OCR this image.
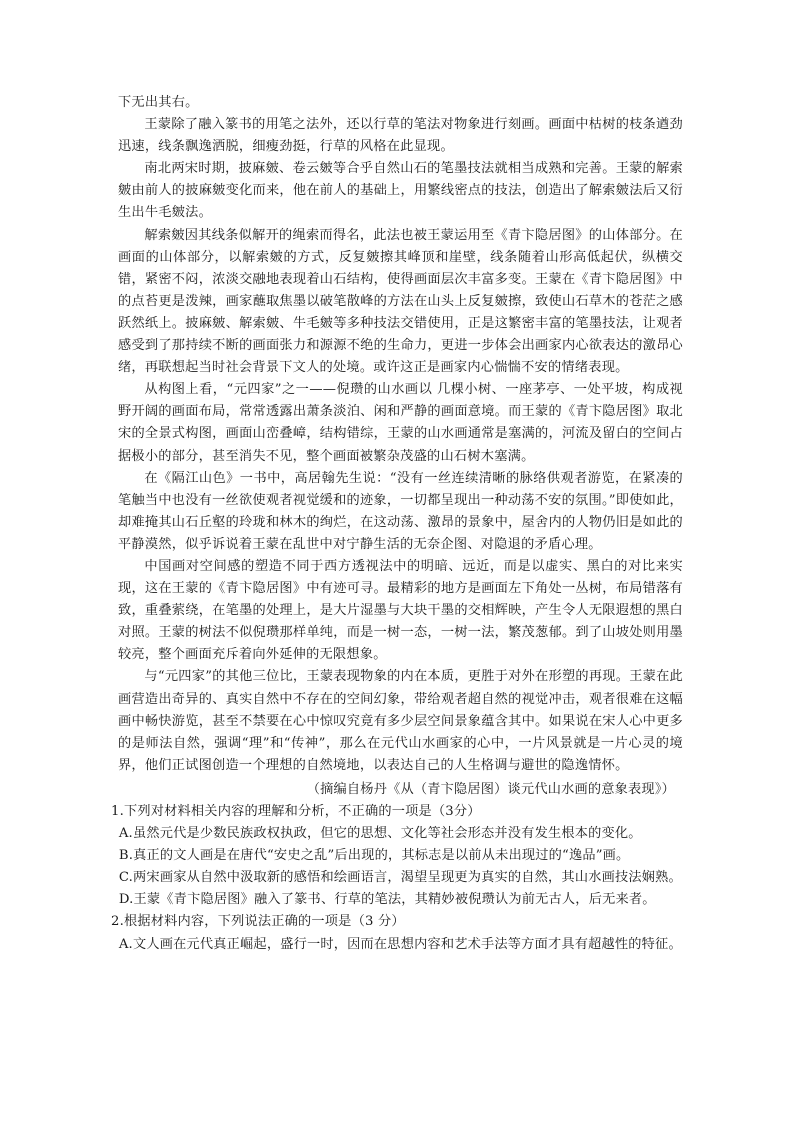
下无出其右。

王蒙除了融入篆书的用笔之法外，还以行草的笔法对物象进行刻画。画面中枯树的枝条遒劲迅速，线条飘逸洒脱，细瘦劲挺，行草的风格在此显现。

南北两宋时期，披麻皴、卷云皴等合乎自然山石的笔墨技法就相当成熟和完善。王蒙的解索皴由前人的披麻皴变化而来，他在前人的基础上，用繁线密点的技法，创造出了解索皴法后又衍生出牛毛皴法。

解索皴因其线条似解开的绳索而得名，此法也被王蒙运用至《青卞隐居图》的山体部分。在画面的山体部分，以解索皴的方式，反复皴擦其峰顶和崖壁，线条随着山形高低起伏，纵横交错，紧密不闷，浓淡交融地表现着山石结构，使得画面层次丰富多变。王蒙在《青卞隐居图》中的点苔更是泼辣，画家蘸取焦墨以破笔散峰的方法在山头上反复皴擦，致使山石草木的苍茫之感跃然纸上。披麻皴、解索皴、牛毛皴等多种技法交错使用，正是这繁密丰富的笔墨技法，让观者感受到了那持续不断的画面张力和源源不绝的生命力，更进一步体会出画家内心欲表达的激昂心绪，再联想起当时社会背景下文人的处境。或许这正是画家内心惴惴不安的情绪表现。

从构图上看，“元四家”之一——倪瓒的山水画以 几棵小树、一座茅亭、一处平坡，构成视野开阔的画面布局，常常透露出萧条淡泊、闲和严静的画面意境。而王蒙的《青卞隐居图》取北宋的全景式构图，画面山峦叠嶂，结构错综，王蒙的山水画通常是塞满的，河流及留白的空间占据极小的部分，甚至消失不见，整个画面被繁杂茂盛的山石树木塞满。

在《隔江山色》一书中，高居翰先生说：“没有一丝连续清晰的脉络供观者游览，在紧凑的笔触当中也没有一丝欲使观者视觉缓和的迹象，一切都呈现出一种动荡不安的氛围。”即使如此，却难掩其山石丘壑的玲珑和林木的绚烂，在这动荡、激昂的景象中，屋舍内的人物仍旧是如此的平静漠然，似乎诉说着王蒙在乱世中对宁静生活的无奈企图、对隐退的矛盾心理。

中国画对空间感的塑造不同于西方透视法中的明暗、远近，而是以虚实、黑白的对比来实现，这在王蒙的《青卞隐居图》中有迹可寻。最精彩的地方是画面左下角处一丛树，布局错落有致，重叠萦绕，在笔墨的处理上，是大片湿墨与大块干墨的交相辉映，产生令人无限遐想的黑白对照。王蒙的树法不似倪瓒那样单纯，而是一树一态，一树一法，繁茂葱郁。到了山坡处则用墨较亮，整个画面充斥着向外延伸的无限想象。

与“元四家”的其他三位比，王蒙表现物象的内在本质，更胜于对外在形塑的再现。王蒙在此画营造出奇异的、真实自然中不存在的空间幻象，带给观者超自然的视觉冲击，观者很难在这幅画中畅快游览，甚至不禁要在心中惊叹究竟有多少层空间景象蕴含其中。如果说在宋人心中更多的是师法自然，强调“理”和“传神”，那么在元代山水画家的心中，一片风景就是一片心灵的境界，他们正试图创造一个理想的自然境地，以表达自己的人生格调与避世的隐逸情怀。

（摘编自杨丹《从（青卞隐居图）谈元代山水画的意象表现》）

1.下列对材料相关内容的理解和分析，不正确的一项是（3分）

A.虽然元代是少数民族政权执政，但它的思想、文化等社会形态并没有发生根本的变化。

B.真正的文人画是在唐代“安史之乱”后出现的，其标志是以前从未出现过的“逸品”画。

C.两宋画家从自然中汲取新的感悟和绘画语言，渴望呈现更为真实的自然，其山水画技法娴熟。

D.王蒙《青卞隐居图》融入了篆书、行草的笔法，其精妙被倪瓒认为前无古人，后无来者。

2.根据材料内容，下列说法正确的一项是（3 分）

A.文人画在元代真正崛起，盛行一时，因而在思想内容和艺术手法等方面才具有超越性的特征。
